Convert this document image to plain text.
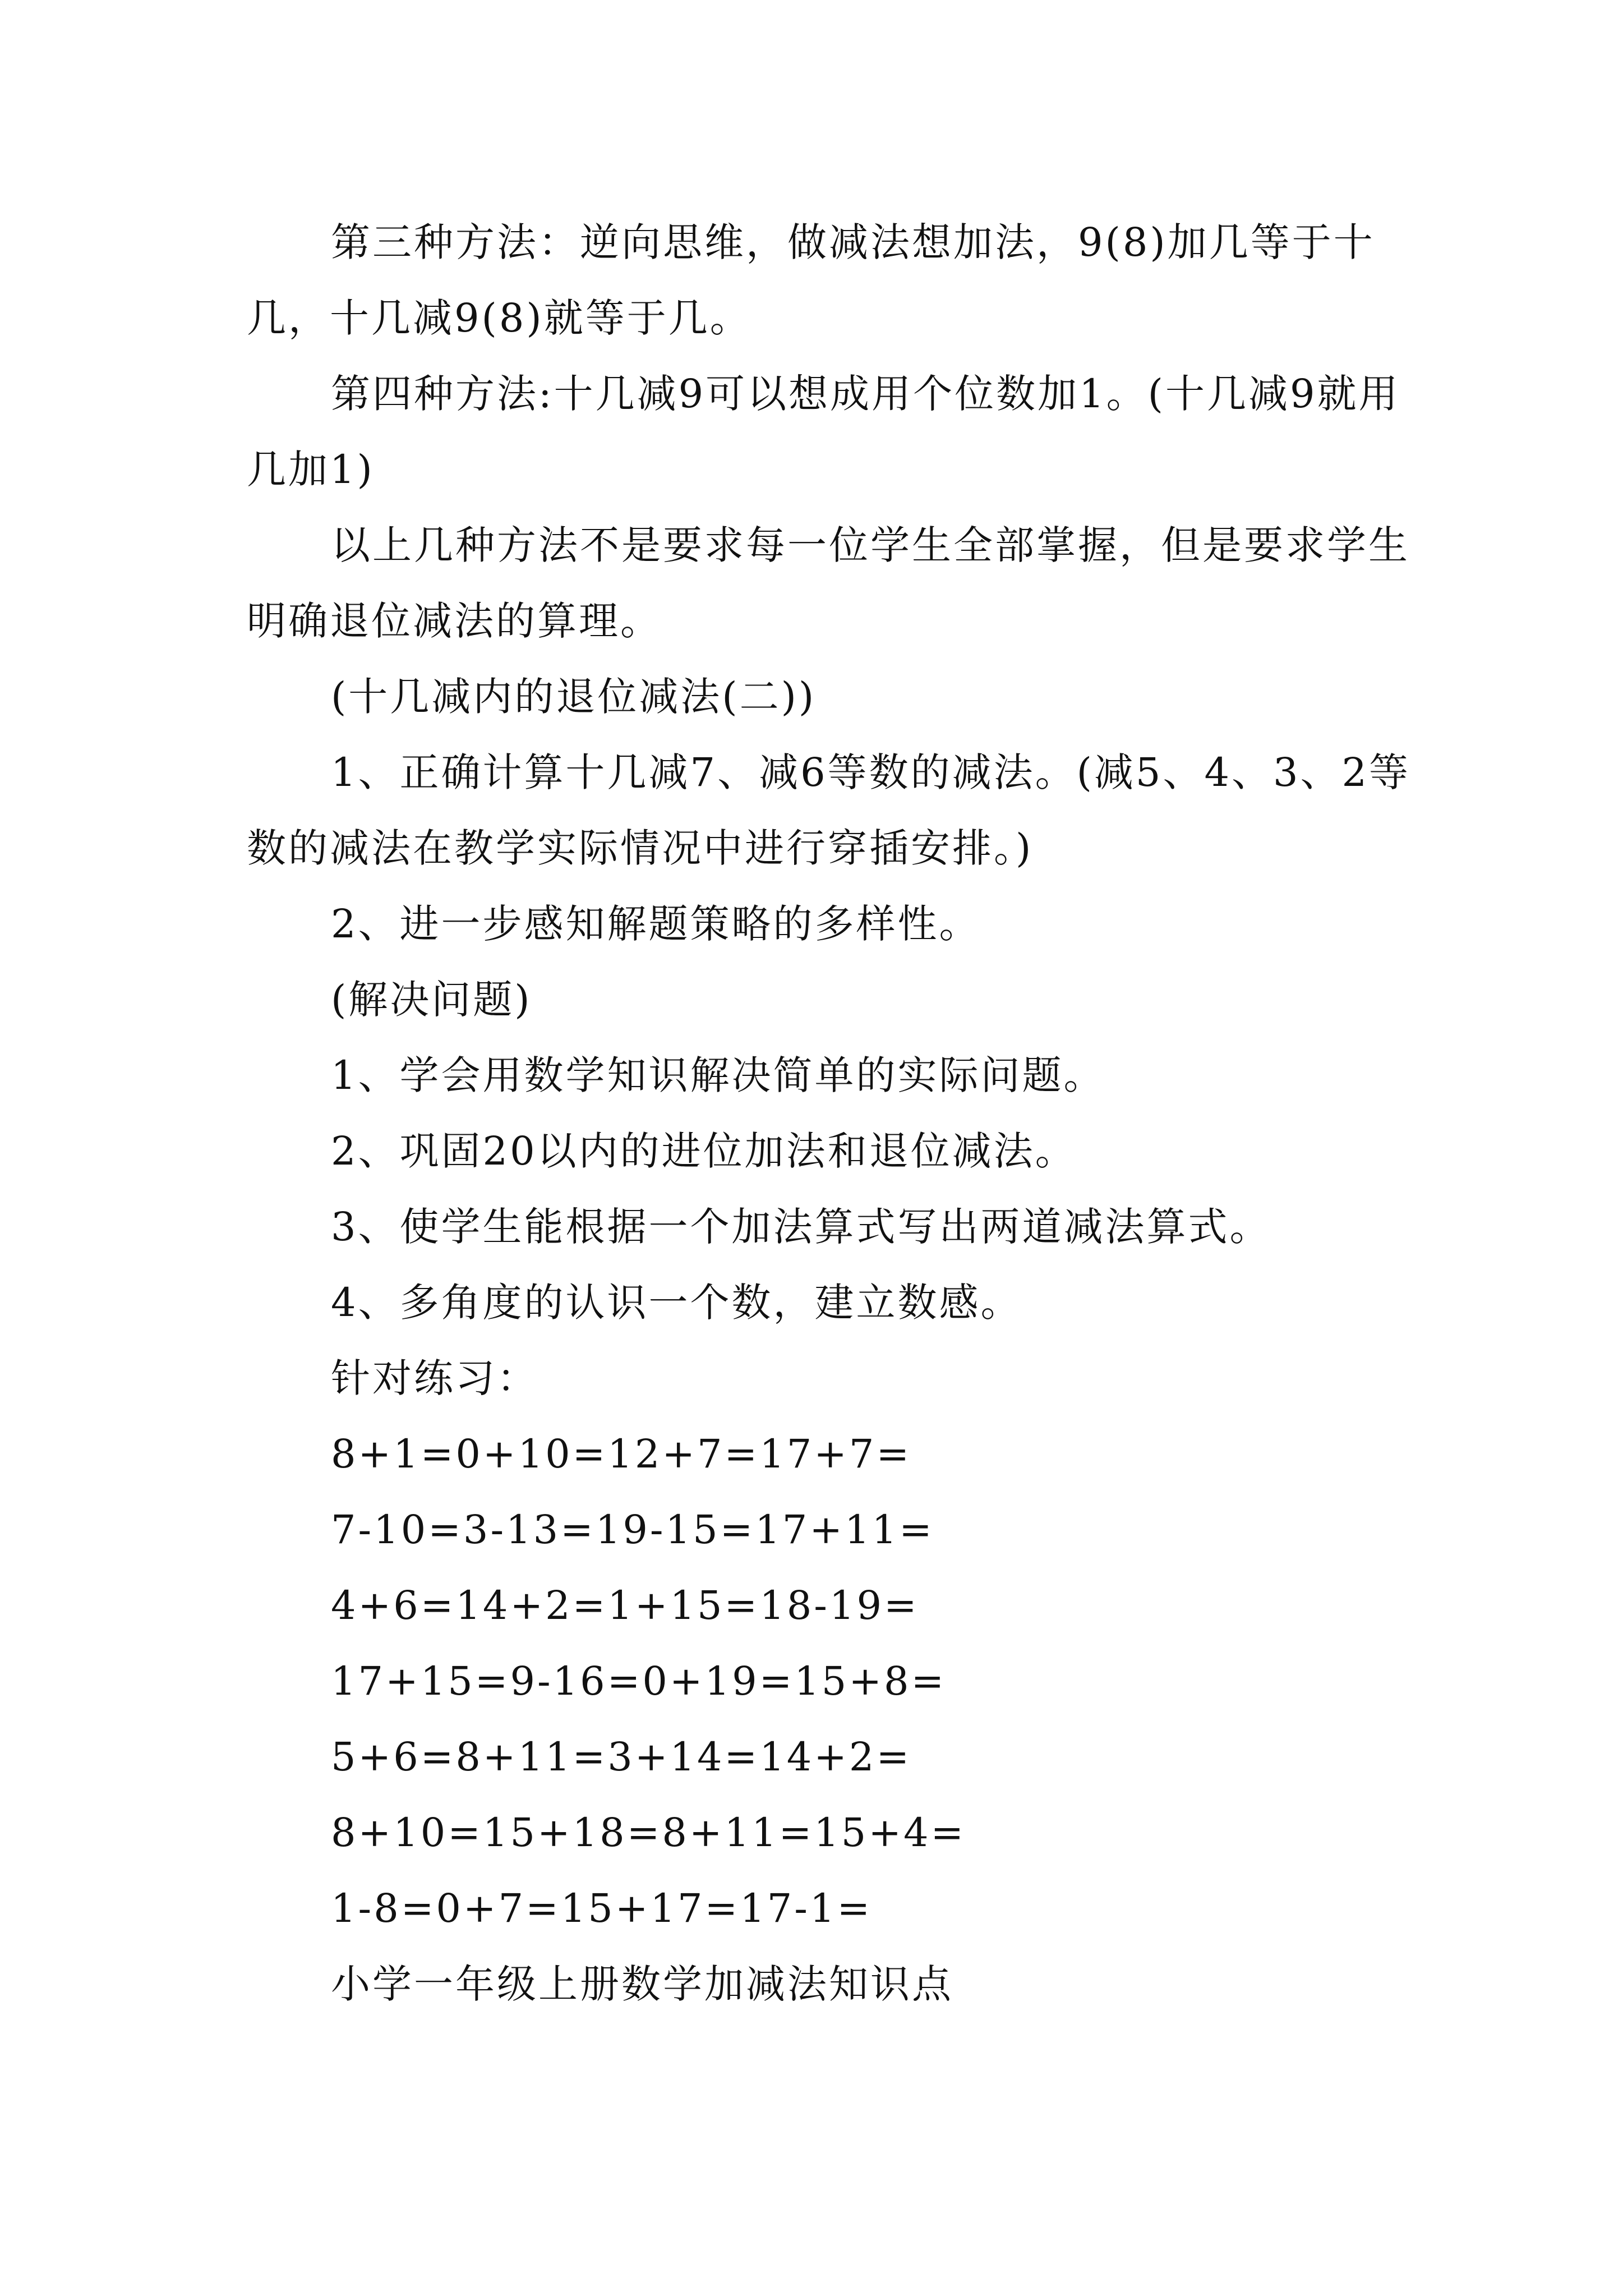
第三种方法：逆向思维，做减法想加法，9(8)加几等于十几，十几减9(8)就等于几。

第四种方法:十几减9可以想成用个位数加1。(十几减9就用几加1)

以上几种方法不是要求每一位学生全部掌握，但是要求学生明确退位减法的算理。

(十几减内的退位减法(二))

1、正确计算十几减7、减6等数的减法。(减5、4、3、2等数的减法在教学实际情况中进行穿插安排。)

2、进一步感知解题策略的多样性。

(解决问题)

1、学会用数学知识解决简单的实际问题。

2、巩固20以内的进位加法和退位减法。

3、使学生能根据一个加法算式写出两道减法算式。

4、多角度的认识一个数，建立数感。

针对练习：

8+1=0+10=12+7=17+7=

7-10=3-13=19-15=17+11=

4+6=14+2=1+15=18-19=

17+15=9-16=0+19=15+8=

5+6=8+11=3+14=14+2=

8+10=15+18=8+11=15+4=

1-8=0+7=15+17=17-1=

小学一年级上册数学加减法知识点
